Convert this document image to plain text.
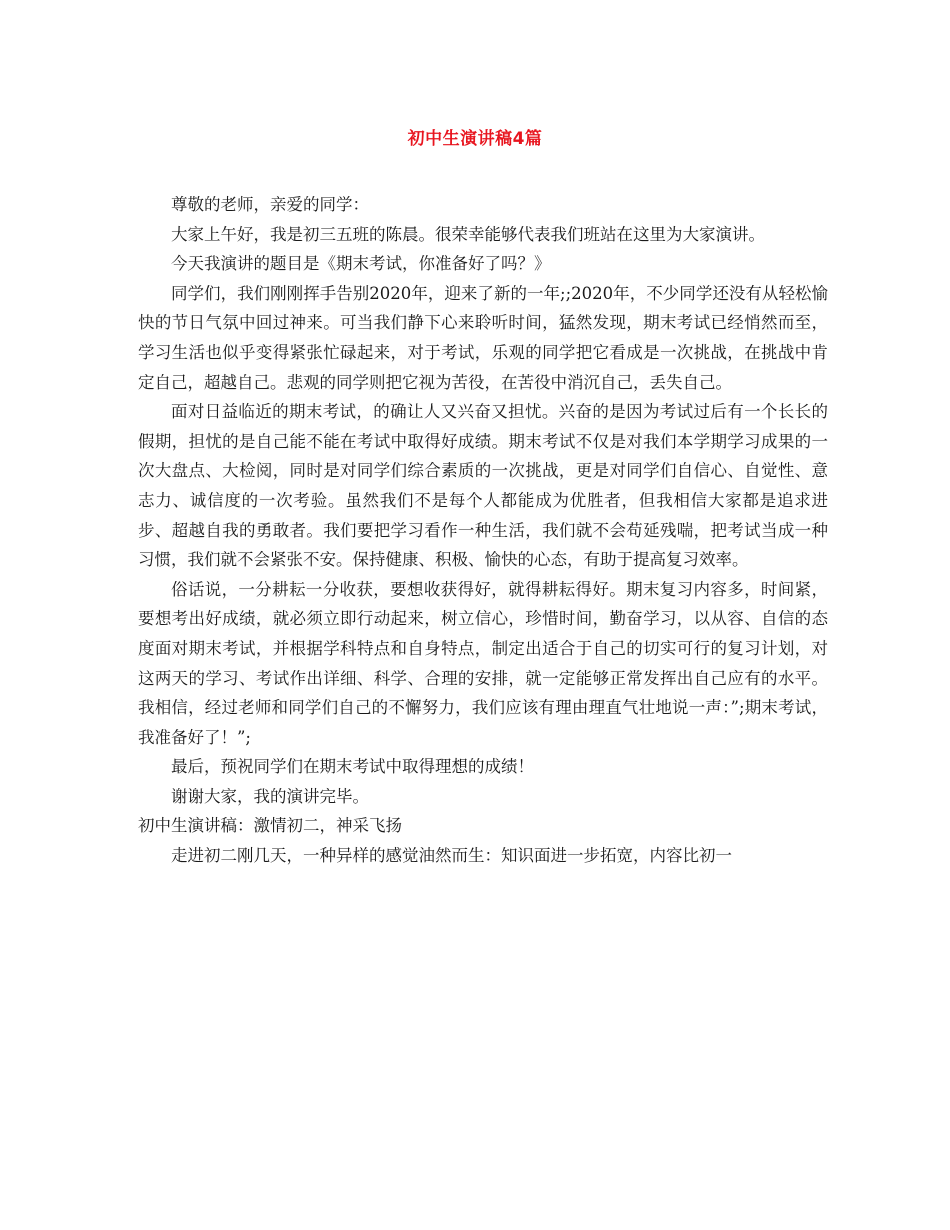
初中生演讲稿4篇

尊敬的老师，亲爱的同学：

大家上午好，我是初三五班的陈晨。很荣幸能够代表我们班站在这里为大家演讲。

今天我演讲的题目是《期末考试，你准备好了吗？》

同学们，我们刚刚挥手告别2020年，迎来了新的一年;;2020年，不少同学还没有从轻松愉快的节日气氛中回过神来。可当我们静下心来聆听时间，猛然发现，期末考试已经悄然而至，学习生活也似乎变得紧张忙碌起来，对于考试，乐观的同学把它看成是一次挑战，在挑战中肯定自己，超越自己。悲观的同学则把它视为苦役，在苦役中消沉自己，丢失自己。

面对日益临近的期末考试，的确让人又兴奋又担忧。兴奋的是因为考试过后有一个长长的假期，担忧的是自己能不能在考试中取得好成绩。期末考试不仅是对我们本学期学习成果的一次大盘点、大检阅，同时是对同学们综合素质的一次挑战，更是对同学们自信心、自觉性、意志力、诚信度的一次考验。虽然我们不是每个人都能成为优胜者，但我相信大家都是追求进步、超越自我的勇敢者。我们要把学习看作一种生活，我们就不会苟延残喘，把考试当成一种习惯，我们就不会紧张不安。保持健康、积极、愉快的心态，有助于提高复习效率。

俗话说，一分耕耘一分收获，要想收获得好，就得耕耘得好。期末复习内容多，时间紧，要想考出好成绩，就必须立即行动起来，树立信心，珍惜时间，勤奋学习，以从容、自信的态度面对期末考试，并根据学科特点和自身特点，制定出适合于自己的切实可行的复习计划，对这两天的学习、考试作出详细、科学、合理的安排，就一定能够正常发挥出自己应有的水平。我相信，经过老师和同学们自己的不懈努力，我们应该有理由理直气壮地说一声：”;期末考试，我准备好了！”;

最后，预祝同学们在期末考试中取得理想的成绩！

谢谢大家，我的演讲完毕。

初中生演讲稿：激情初二，神采飞扬

走进初二刚几天，一种异样的感觉油然而生：知识面进一步拓宽，内容比初一
